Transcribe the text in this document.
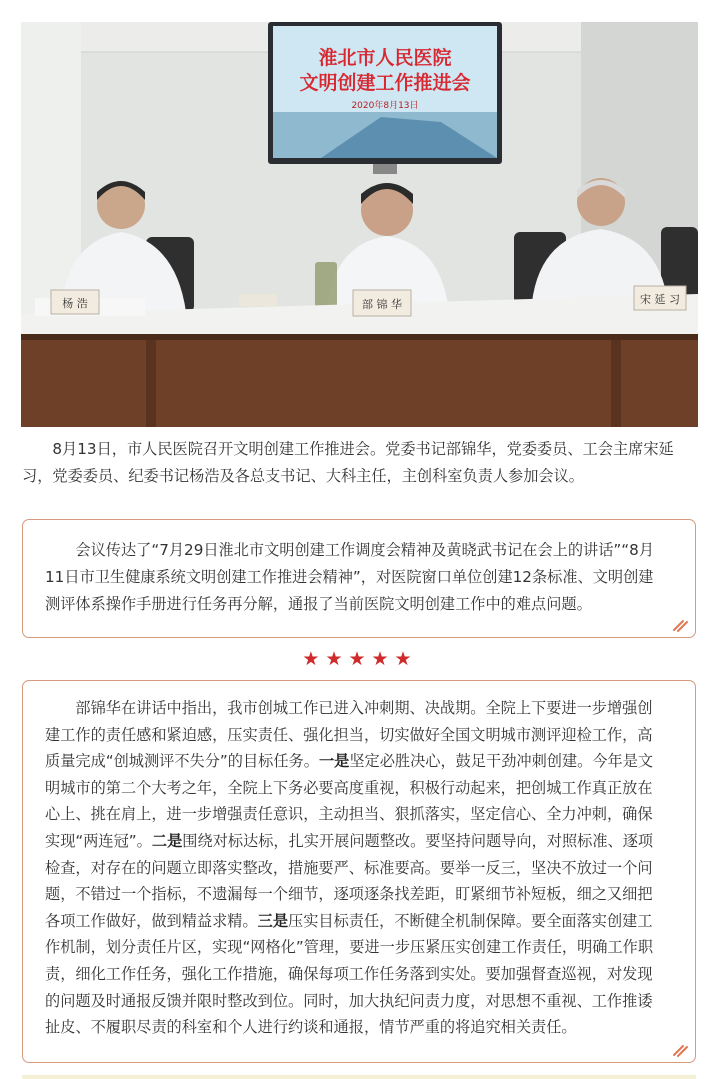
淮北市人民医院
文明创建工作推进会
2020年8月13日
杨 浩	部 锦 华	宋 延 习

8月13日，市人民医院召开文明创建工作推进会。党委书记部锦华，党委委员、工会主席宋延习，党委委员、纪委书记杨浩及各总支书记、大科主任，主创科室负责人参加会议。

会议传达了“7月29日淮北市文明创建工作调度会精神及黄晓武书记在会上的讲话”“8月11日市卫生健康系统文明创建工作推进会精神”，对医院窗口单位创建12条标准、文明创建测评体系操作手册进行任务再分解，通报了当前医院文明创建工作中的难点问题。

★★★★★

部锦华在讲话中指出，我市创城工作已进入冲刺期、决战期。全院上下要进一步增强创建工作的责任感和紧迫感，压实责任、强化担当，切实做好全国文明城市测评迎检工作，高质量完成“创城测评不失分”的目标任务。一是坚定必胜决心，鼓足干劲冲刺创建。今年是文明城市的第二个大考之年，全院上下务必要高度重视，积极行动起来，把创城工作真正放在心上、挑在肩上，进一步增强责任意识，主动担当、狠抓落实，坚定信心、全力冲刺，确保实现“两连冠”。二是围绕对标达标，扎实开展问题整改。要坚持问题导向，对照标准、逐项检查，对存在的问题立即落实整改，措施要严、标准要高。要举一反三，坚决不放过一个问题，不错过一个指标，不遗漏每一个细节，逐项逐条找差距，盯紧细节补短板，细之又细把各项工作做好，做到精益求精。三是压实目标责任，不断健全机制保障。要全面落实创建工作机制，划分责任片区，实现“网格化”管理，要进一步压紧压实创建工作责任，明确工作职责，细化工作任务，强化工作措施，确保每项工作任务落到实处。要加强督查巡视，对发现的问题及时通报反馈并限时整改到位。同时，加大执纪问责力度，对思想不重视、工作推诿扯皮、不履职尽责的科室和个人进行约谈和通报，情节严重的将追究相关责任。
